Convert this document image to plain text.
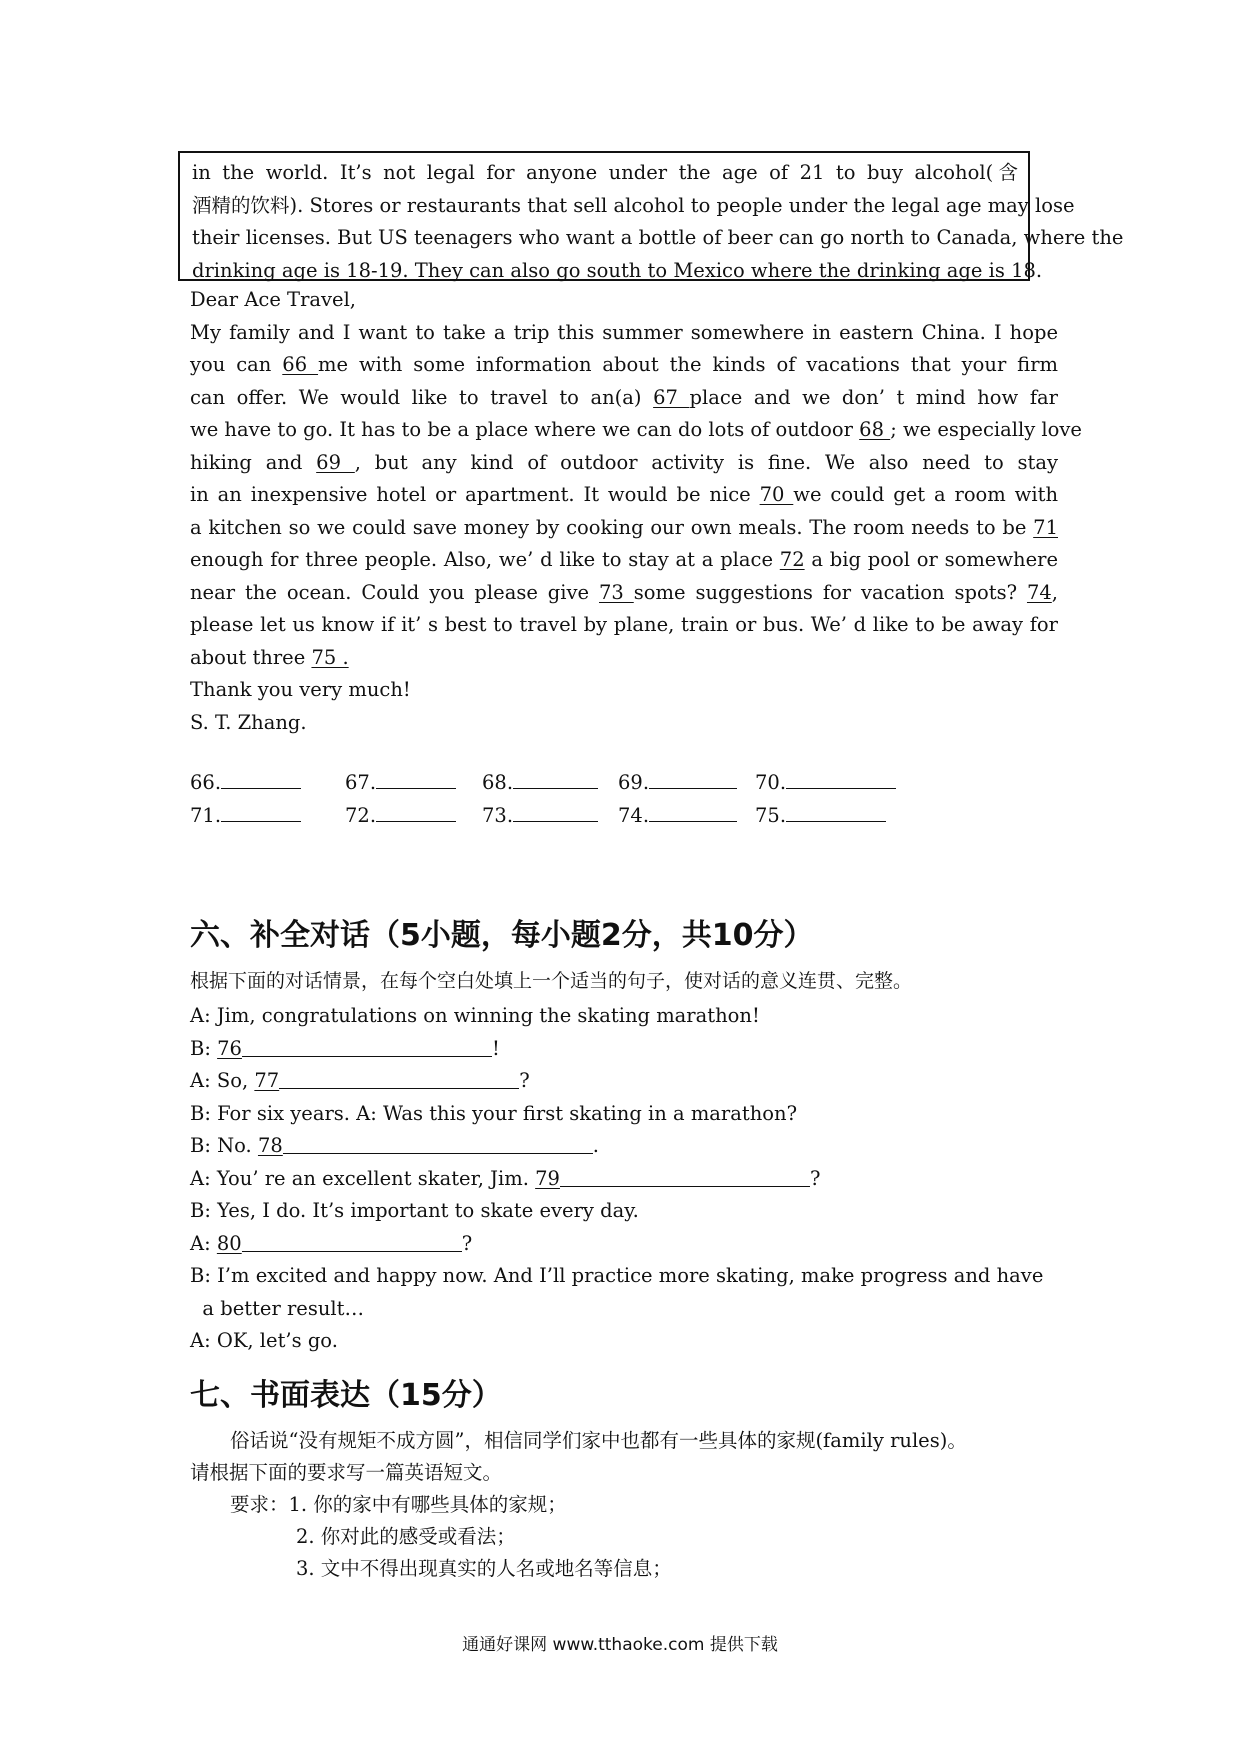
in the world. It’s not legal for anyone under the age of 21 to buy alcohol(含
酒精的饮料). Stores or restaurants that sell alcohol to people under the legal age may lose
their licenses. But US teenagers who want a bottle of beer can go north to Canada, where the
drinking age is 18-19. They can also go south to Mexico where the drinking age is 18.
Dear Ace Travel,
My family and I want to take a trip this summer somewhere in eastern China. I hope
you can 66 me with some information about the kinds of vacations that your firm
can offer. We would like to travel to an(a) 67 place and we don’ t mind how far
we have to go. It has to be a place where we can do lots of outdoor 68 ; we especially love
hiking and 69 , but any kind of outdoor activity is fine. We also need to stay
in an inexpensive hotel or apartment. It would be nice 70 we could get a room with
a kitchen so we could save money by cooking our own meals. The room needs to be 71
enough for three people. Also, we’ d like to stay at a place 72 a big pool or somewhere
near the ocean. Could you please give 73 some suggestions for vacation spots? 74,
please let us know if it’ s best to travel by plane, train or bus. We’ d like to be away for
about three 75 .
Thank you very much!
S. T. Zhang.
66.	67.	68.	69.	70.
71.	72.	73.	74.	75.
六、补全对话（5小题，每小题2分，共10分）
根据下面的对话情景，在每个空白处填上一个适当的句子，使对话的意义连贯、完整。
A: Jim, congratulations on winning the skating marathon!
B: 76	!
A: So, 77	?
B: For six years. A: Was this your first skating in a marathon?
B: No. 78	.
A: You’ re an excellent skater, Jim. 79	?
B: Yes, I do. It’s important to skate every day.
A: 80	?
B: I’m excited and happy now. And I’ll practice more skating, make progress and have
a better result…
A: OK, let’s go.
七、书面表达（15分）
俗话说“没有规矩不成方圆”，相信同学们家中也都有一些具体的家规(family rules)。
请根据下面的要求写一篇英语短文。
要求：1. 你的家中有哪些具体的家规；
2. 你对此的感受或看法；
3. 文中不得出现真实的人名或地名等信息；
通通好课网 www.tthaoke.com 提供下载
